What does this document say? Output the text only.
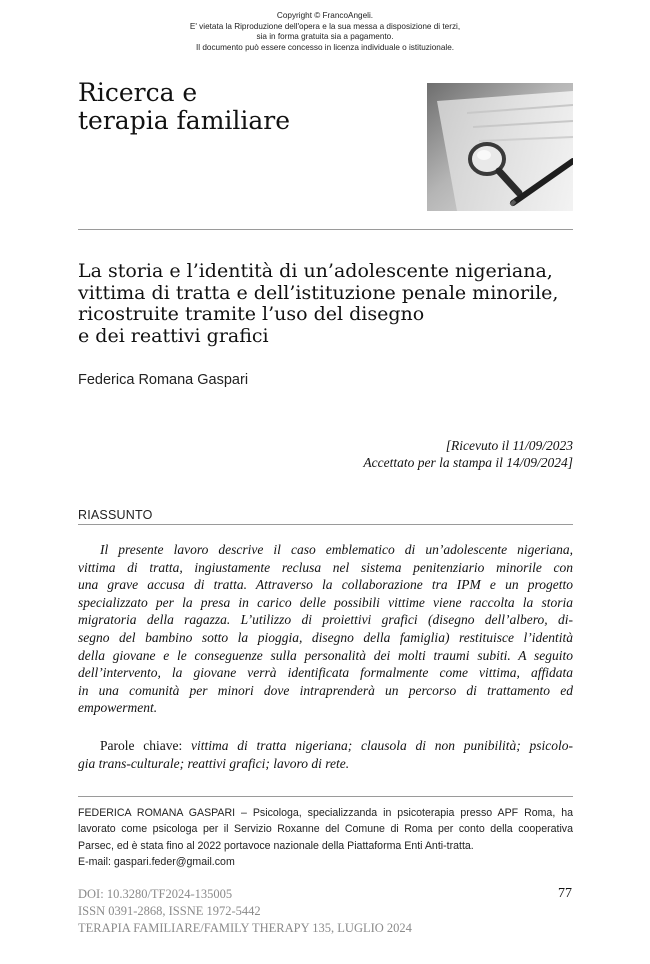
Copyright © FrancoAngeli.
E' vietata la Riproduzione dell'opera e la sua messa a disposizione di terzi,
sia in forma gratuita sia a pagamento.
Il documento può essere concesso in licenza individuale o istituzionale.
Ricerca e
terapia familiare
La storia e l’identità di un’adolescente nigeriana,
vittima di tratta e dell’istituzione penale minorile,
ricostruite tramite l’uso del disegno
e dei reattivi grafici
Federica Romana Gaspari
[Ricevuto il 11/09/2023
Accettato per la stampa il 14/09/2024]
RIASSUNTO
Il presente lavoro descrive il caso emblematico di un’adolescente nigeriana,
vittima di tratta, ingiustamente reclusa nel sistema penitenziario minorile con
una grave accusa di tratta. Attraverso la collaborazione tra IPM e un progetto
specializzato per la presa in carico delle possibili vittime viene raccolta la storia
migratoria della ragazza. L’utilizzo di proiettivi grafici (disegno dell’albero, di-
segno del bambino sotto la pioggia, disegno della famiglia) restituisce l’identità
della giovane e le conseguenze sulla personalità dei molti traumi subiti. A seguito
dell’intervento, la giovane verrà identificata formalmente come vittima, affidata
in una comunità per minori dove intraprenderà un percorso di trattamento ed
empowerment.
Parole chiave: vittima di tratta nigeriana; clausola di non punibilità; psicolo-
gia trans-culturale; reattivi grafici; lavoro di rete.
FEDERICA ROMANA GASPARI – Psicologa, specializzanda in psicoterapia presso APF Roma, ha
lavorato come psicologa per il Servizio Roxanne del Comune di Roma per conto della cooperativa
Parsec, ed è stata fino al 2022 portavoce nazionale della Piattaforma Enti Anti-tratta.
E-mail: gaspari.feder@gmail.com
DOI: 10.3280/TF2024-135005
ISSN 0391-2868, ISSNE 1972-5442
TERAPIA FAMILIARE/FAMILY THERAPY 135, LUGLIO 2024
77
